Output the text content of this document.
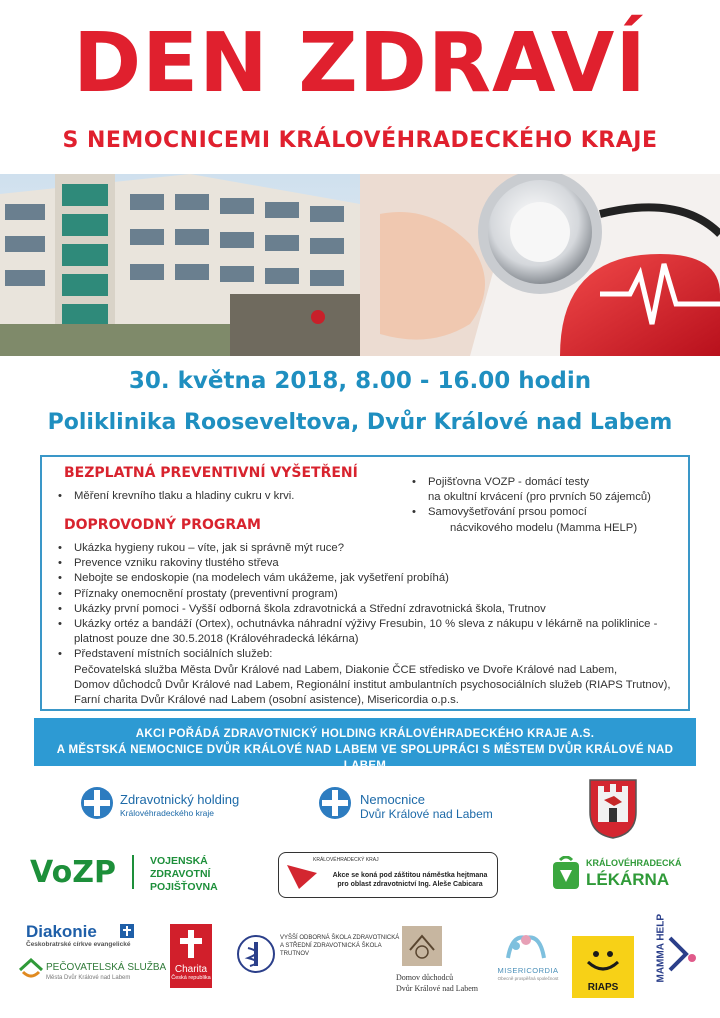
DEN ZDRAVÍ
S NEMOCNICEMI KRÁLOVÉHRADECKÉHO KRAJE
30. května 2018, 8.00 - 16.00 hodin
Poliklinika Rooseveltova, Dvůr Králové nad Labem
BEZPLATNÁ PREVENTIVNÍ VYŠETŘENÍ
• Měření krevního tlaku a hladiny cukru v krvi.
• Pojišťovna VOZP - domácí testy
na okultní krvácení (pro prvních 50 zájemců)
• Samovyšetřování prsou pomocí
nácvikového modelu (Mamma HELP)
DOPROVODNÝ PROGRAM
• Ukázka hygieny rukou – víte, jak si správně mýt ruce?
• Prevence vzniku rakoviny tlustého střeva
• Nebojte se endoskopie (na modelech vám ukážeme, jak vyšetření probíhá)
• Příznaky onemocnění prostaty (preventivní program)
• Ukázky první pomoci - Vyšší odborná škola zdravotnická a Střední zdravotnická škola, Trutnov
• Ukázky ortéz a bandáží (Ortex), ochutnávka náhradní výživy Fresubin, 10 % sleva z nákupu v lékárně na poliklinice -
platnost pouze dne 30.5.2018 (Královéhradecká lékárna)
• Představení místních sociálních služeb:
Pečovatelská služba Města Dvůr Králové nad Labem, Diakonie ČCE středisko ve Dvoře Králové nad Labem,
Domov důchodců Dvůr Králové nad Labem, Regionální institut ambulantních psychosociálních služeb (RIAPS Trutnov),
Farní charita Dvůr Králové nad Labem (osobní asistence), Misericordia o.p.s.
AKCI POŘÁDÁ ZDRAVOTNICKÝ HOLDING KRÁLOVÉHRADECKÉHO KRAJE A.S.
A MĚSTSKÁ NEMOCNICE DVŮR KRÁLOVÉ NAD LABEM VE SPOLUPRÁCI S MĚSTEM DVŮR KRÁLOVÉ NAD LABEM
Zdravotnický holding
Královéhradeckého kraje
Nemocnice
Dvůr Králové nad Labem
VoZP	VOJENSKÁ
ZDRAVOTNÍ
POJIŠŤOVNA
KRÁLOVÉHRADECKÝ KRAJ
Akce se koná pod záštitou náměstka hejtmana
pro oblast zdravotnictví Ing. Aleše Cabicara
KRÁLOVÉHRADECKÁ
LÉKÁRNA
Diakonie
Českobratrské církve evangelické
PEČOVATELSKÁ SLUŽBA
Města Dvůr Králové nad Labem
Charita
Česká republika
VYŠŠÍ ODBORNÁ ŠKOLA ZDRAVOTNICKÁ
A STŘEDNÍ ZDRAVOTNICKÁ ŠKOLA
TRUTNOV
Domov důchodců
Dvůr Králové nad Labem
MISERICORDIA
Obecně prospěšná společnost
RIAPS
MAMMA HELP
